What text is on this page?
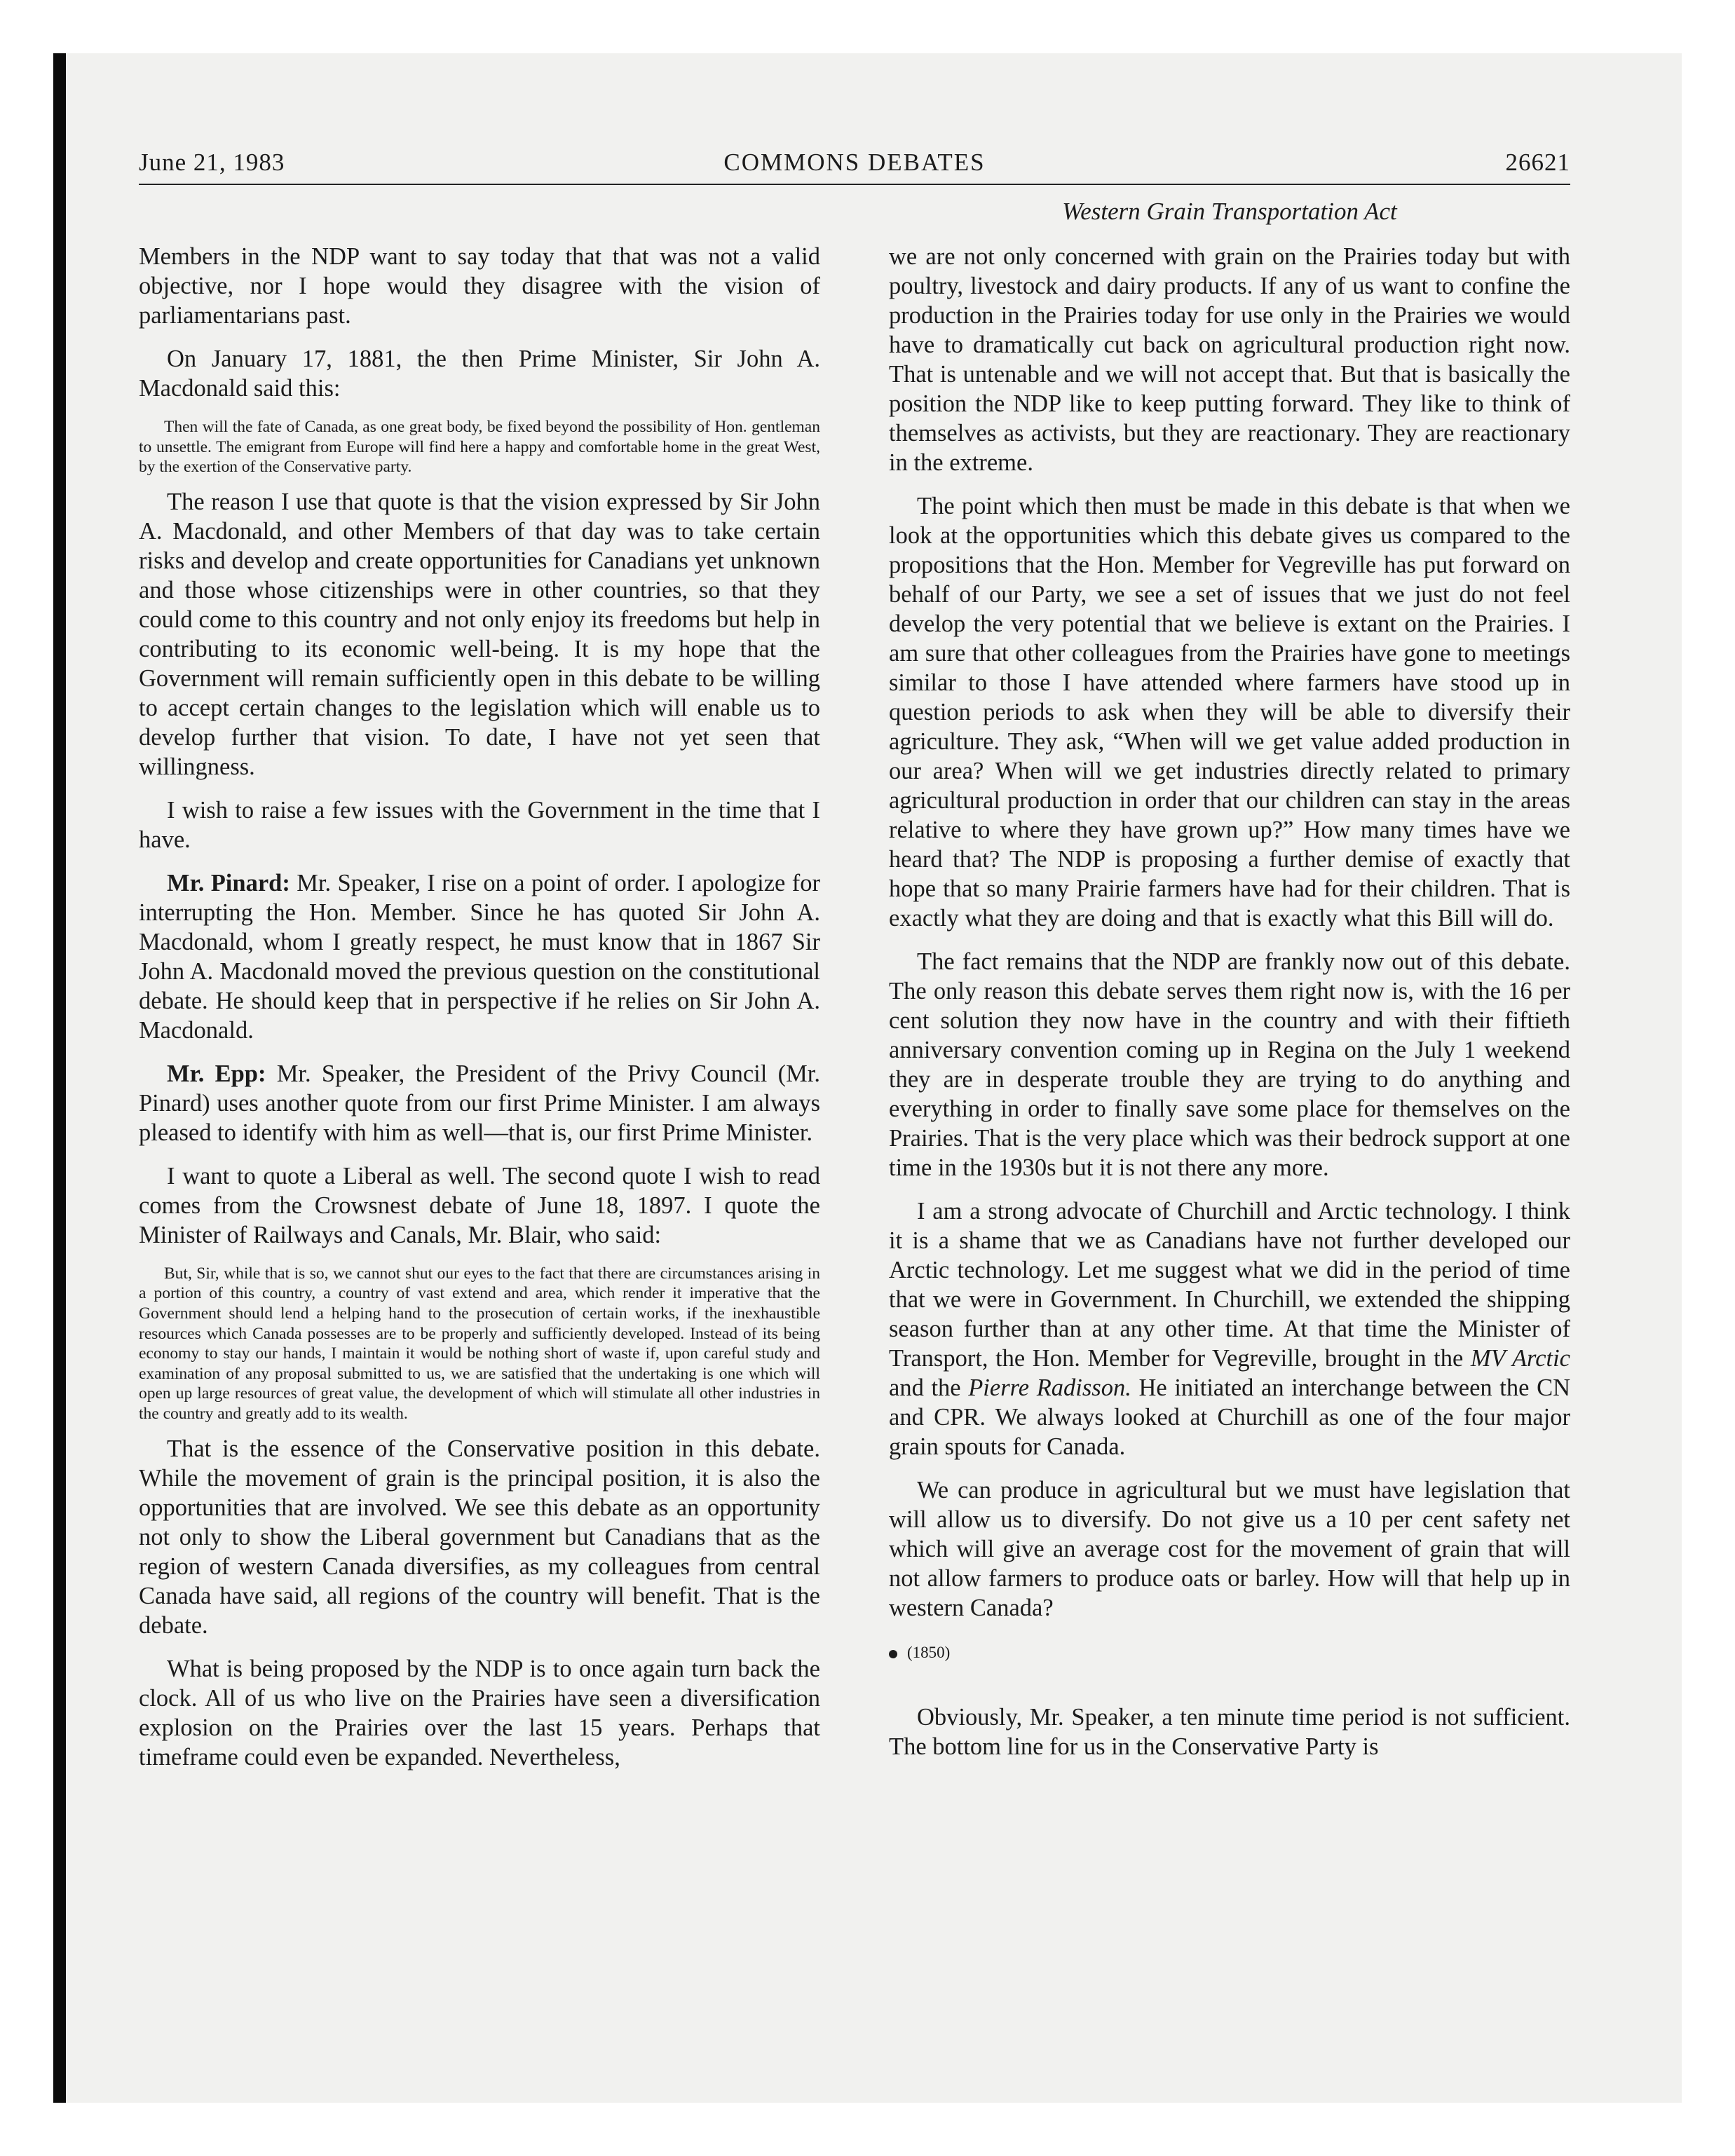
June 21, 1983	COMMONS DEBATES	26621
Western Grain Transportation Act

Members in the NDP want to say today that that was not a valid objective, nor I hope would they disagree with the vision of parliamentarians past.

On January 17, 1881, the then Prime Minister, Sir John A. Macdonald said this:

Then will the fate of Canada, as one great body, be fixed beyond the possibility of Hon. gentleman to unsettle. The emigrant from Europe will find here a happy and comfortable home in the great West, by the exertion of the Conservative party.

The reason I use that quote is that the vision expressed by Sir John A. Macdonald, and other Members of that day was to take certain risks and develop and create opportunities for Canadians yet unknown and those whose citizenships were in other countries, so that they could come to this country and not only enjoy its freedoms but help in contributing to its economic well-being. It is my hope that the Government will remain sufficiently open in this debate to be willing to accept certain changes to the legislation which will enable us to develop further that vision. To date, I have not yet seen that willingness.

I wish to raise a few issues with the Government in the time that I have.

Mr. Pinard: Mr. Speaker, I rise on a point of order. I apologize for interrupting the Hon. Member. Since he has quoted Sir John A. Macdonald, whom I greatly respect, he must know that in 1867 Sir John A. Macdonald moved the previous question on the constitutional debate. He should keep that in perspective if he relies on Sir John A. Macdonald.

Mr. Epp: Mr. Speaker, the President of the Privy Council (Mr. Pinard) uses another quote from our first Prime Minister. I am always pleased to identify with him as well—that is, our first Prime Minister.

I want to quote a Liberal as well. The second quote I wish to read comes from the Crowsnest debate of June 18, 1897. I quote the Minister of Railways and Canals, Mr. Blair, who said:

But, Sir, while that is so, we cannot shut our eyes to the fact that there are circumstances arising in a portion of this country, a country of vast extend and area, which render it imperative that the Government should lend a helping hand to the prosecution of certain works, if the inexhaustible resources which Canada possesses are to be properly and sufficiently developed. Instead of its being economy to stay our hands, I maintain it would be nothing short of waste if, upon careful study and examination of any proposal submitted to us, we are satisfied that the undertaking is one which will open up large resources of great value, the development of which will stimulate all other industries in the country and greatly add to its wealth.

That is the essence of the Conservative position in this debate. While the movement of grain is the principal position, it is also the opportunities that are involved. We see this debate as an opportunity not only to show the Liberal government but Canadians that as the region of western Canada diversifies, as my colleagues from central Canada have said, all regions of the country will benefit. That is the debate.

What is being proposed by the NDP is to once again turn back the clock. All of us who live on the Prairies have seen a diversification explosion on the Prairies over the last 15 years. Perhaps that timeframe could even be expanded. Nevertheless,

we are not only concerned with grain on the Prairies today but with poultry, livestock and dairy products. If any of us want to confine the production in the Prairies today for use only in the Prairies we would have to dramatically cut back on agricultural production right now. That is untenable and we will not accept that. But that is basically the position the NDP like to keep putting forward. They like to think of themselves as activists, but they are reactionary. They are reactionary in the extreme.

The point which then must be made in this debate is that when we look at the opportunities which this debate gives us compared to the propositions that the Hon. Member for Vegreville has put forward on behalf of our Party, we see a set of issues that we just do not feel develop the very potential that we believe is extant on the Prairies. I am sure that other colleagues from the Prairies have gone to meetings similar to those I have attended where farmers have stood up in question periods to ask when they will be able to diversify their agriculture. They ask, “When will we get value added production in our area? When will we get industries directly related to primary agricultural production in order that our children can stay in the areas relative to where they have grown up?” How many times have we heard that? The NDP is proposing a further demise of exactly that hope that so many Prairie farmers have had for their children. That is exactly what they are doing and that is exactly what this Bill will do.

The fact remains that the NDP are frankly now out of this debate. The only reason this debate serves them right now is, with the 16 per cent solution they now have in the country and with their fiftieth anniversary convention coming up in Regina on the July 1 weekend they are in desperate trouble they are trying to do anything and everything in order to finally save some place for themselves on the Prairies. That is the very place which was their bedrock support at one time in the 1930s but it is not there any more.

I am a strong advocate of Churchill and Arctic technology. I think it is a shame that we as Canadians have not further developed our Arctic technology. Let me suggest what we did in the period of time that we were in Government. In Churchill, we extended the shipping season further than at any other time. At that time the Minister of Transport, the Hon. Member for Vegreville, brought in the MV Arctic and the Pierre Radisson. He initiated an interchange between the CN and CPR. We always looked at Churchill as one of the four major grain spouts for Canada.

We can produce in agricultural but we must have legislation that will allow us to diversify. Do not give us a 10 per cent safety net which will give an average cost for the movement of grain that will not allow farmers to produce oats or barley. How will that help up in western Canada?

(1850)

Obviously, Mr. Speaker, a ten minute time period is not sufficient. The bottom line for us in the Conservative Party is
